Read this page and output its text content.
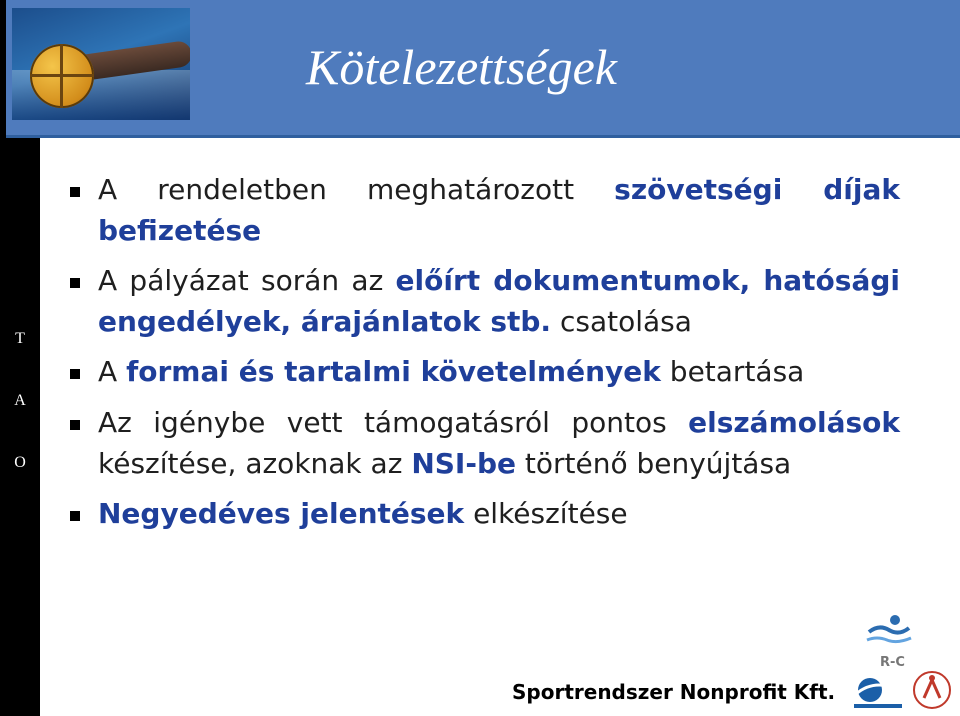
T
A
O
Kötelezettségek
A rendeletben meghatározott szövetségi díjak befizetése
A pályázat során az előírt dokumentumok, hatósági engedélyek, árajánlatok stb. csatolása
A formai és tartalmi követelmények betartása
Az igénybe vett támogatásról pontos elszámolások készítése, azoknak az NSI-be történő benyújtása
Negyedéves jelentések elkészítése
R-C
Sportrendszer Nonprofit Kft.
